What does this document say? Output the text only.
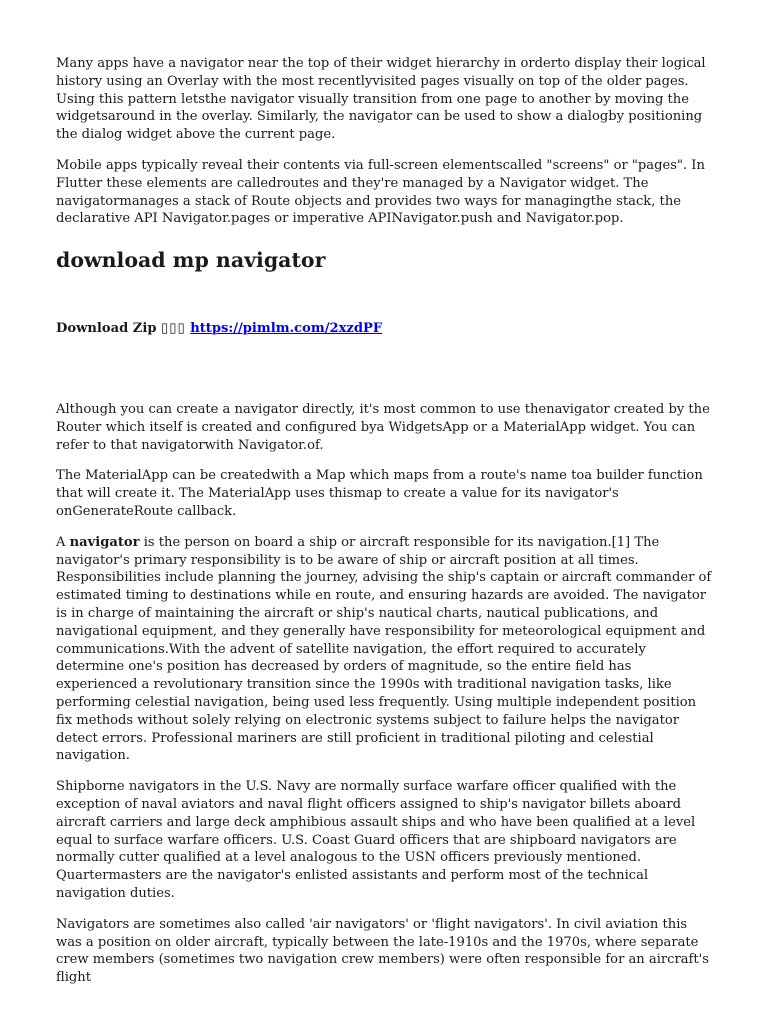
Many apps have a navigator near the top of their widget hierarchy in orderto display their logical history using an Overlay with the most recentlyvisited pages visually on top of the older pages. Using this pattern letsthe navigator visually transition from one page to another by moving the widgetsaround in the overlay. Similarly, the navigator can be used to show a dialogby positioning the dialog widget above the current page.

Mobile apps typically reveal their contents via full-screen elementscalled "screens" or "pages". In Flutter these elements are calledroutes and they're managed by a Navigator widget. The navigatormanages a stack of Route objects and provides two ways for managingthe stack, the declarative API Navigator.pages or imperative APINavigator.push and Navigator.pop.

download mp navigator
Download Zip ▯▯▯ https://pimlm.com/2xzdPF

Although you can create a navigator directly, it's most common to use thenavigator created by the Router which itself is created and configured bya WidgetsApp or a MaterialApp widget. You can refer to that navigatorwith Navigator.of.

The MaterialApp can be createdwith a Map which maps from a route's name toa builder function that will create it. The MaterialApp uses thismap to create a value for its navigator's onGenerateRoute callback.

A navigator is the person on board a ship or aircraft responsible for its navigation.[1] The navigator's primary responsibility is to be aware of ship or aircraft position at all times. Responsibilities include planning the journey, advising the ship's captain or aircraft commander of estimated timing to destinations while en route, and ensuring hazards are avoided. The navigator is in charge of maintaining the aircraft or ship's nautical charts, nautical publications, and navigational equipment, and they generally have responsibility for meteorological equipment and communications.With the advent of satellite navigation, the effort required to accurately determine one's position has decreased by orders of magnitude, so the entire field has experienced a revolutionary transition since the 1990s with traditional navigation tasks, like performing celestial navigation, being used less frequently. Using multiple independent position fix methods without solely relying on electronic systems subject to failure helps the navigator detect errors. Professional mariners are still proficient in traditional piloting and celestial navigation.

Shipborne navigators in the U.S. Navy are normally surface warfare officer qualified with the exception of naval aviators and naval flight officers assigned to ship's navigator billets aboard aircraft carriers and large deck amphibious assault ships and who have been qualified at a level equal to surface warfare officers. U.S. Coast Guard officers that are shipboard navigators are normally cutter qualified at a level analogous to the USN officers previously mentioned. Quartermasters are the navigator's enlisted assistants and perform most of the technical navigation duties.

Navigators are sometimes also called 'air navigators' or 'flight navigators'. In civil aviation this was a position on older aircraft, typically between the late-1910s and the 1970s, where separate crew members (sometimes two navigation crew members) were often responsible for an aircraft's flight
